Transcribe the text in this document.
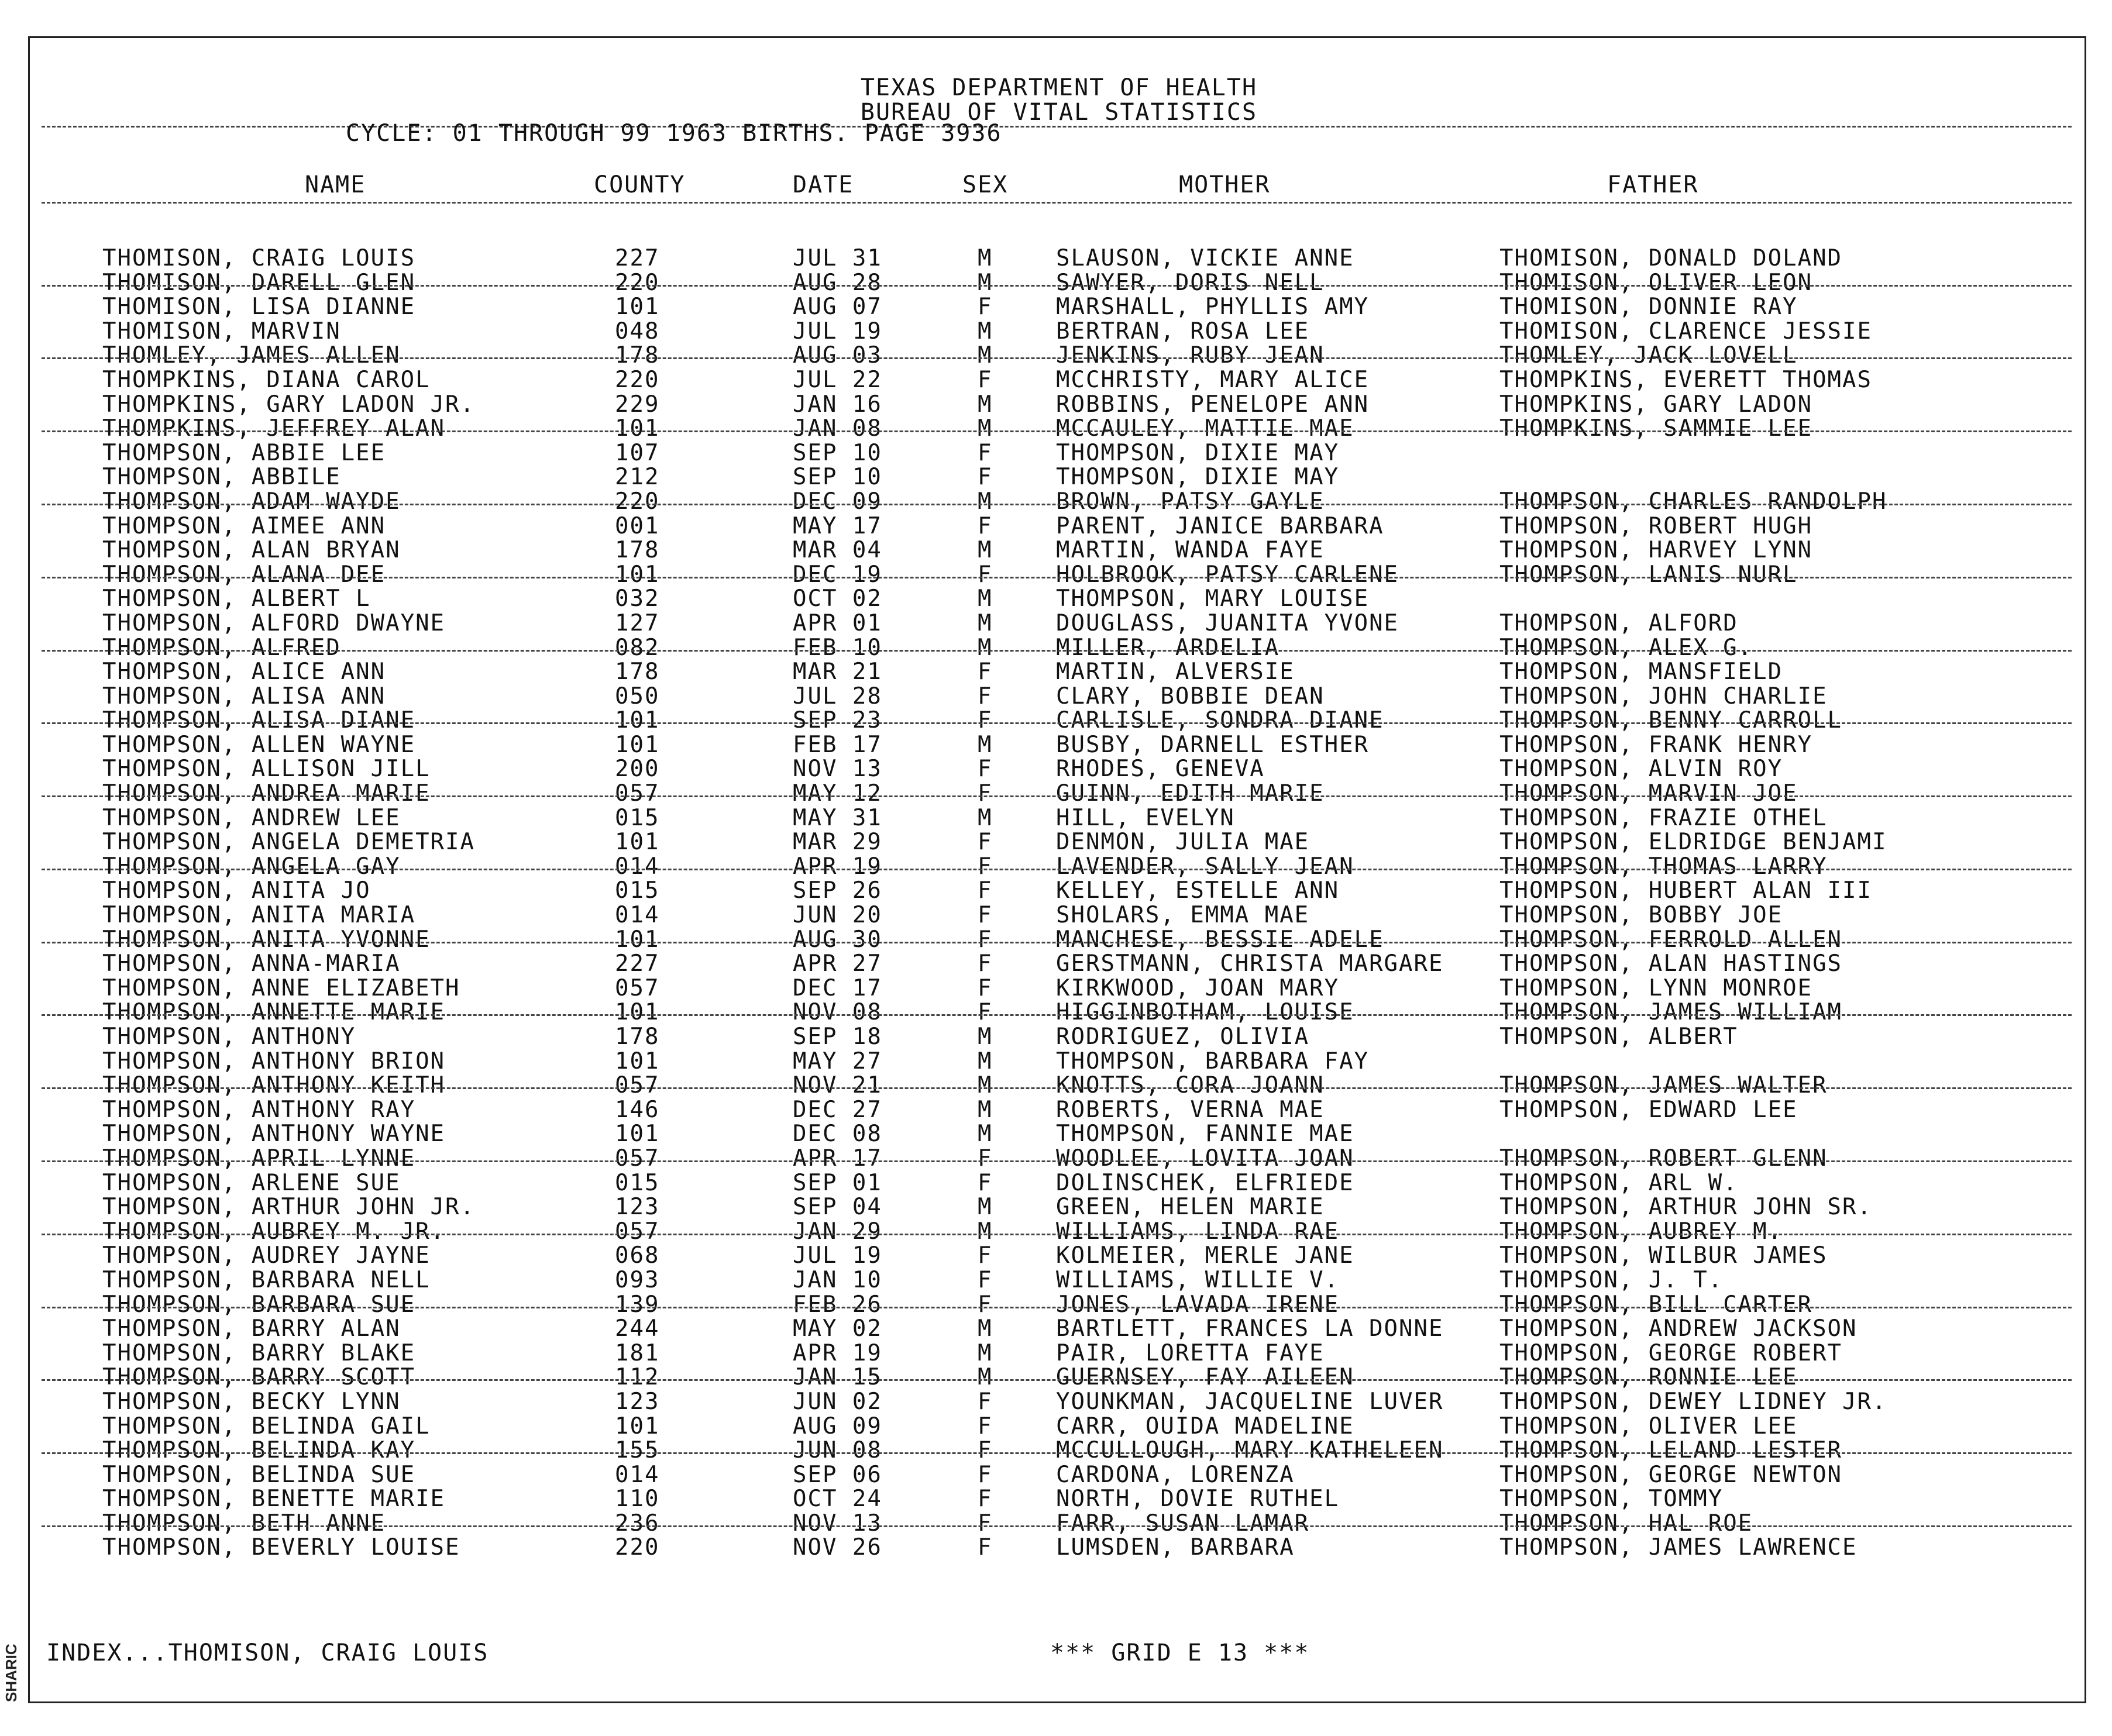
SHARIC
TEXAS DEPARTMENT OF HEALTH
BUREAU OF VITAL STATISTICS
CYCLE: 01 THROUGH 99 1963 BIRTHS. PAGE 3936
NAME	COUNTY	DATE	SEX	MOTHER	FATHER
THOMISON, CRAIG LOUIS	227	JUL 31	M	SLAUSON, VICKIE ANNE	THOMISON, DONALD DOLAND
THOMISON, DARELL GLEN	220	AUG 28	M	SAWYER, DORIS NELL	THOMISON, OLIVER LEON
THOMISON, LISA DIANNE	101	AUG 07	F	MARSHALL, PHYLLIS AMY	THOMISON, DONNIE RAY
THOMISON, MARVIN	048	JUL 19	M	BERTRAN, ROSA LEE	THOMISON, CLARENCE JESSIE
THOMLEY, JAMES ALLEN	178	AUG 03	M	JENKINS, RUBY JEAN	THOMLEY, JACK LOVELL
THOMPKINS, DIANA CAROL	220	JUL 22	F	MCCHRISTY, MARY ALICE	THOMPKINS, EVERETT THOMAS
THOMPKINS, GARY LADON JR.	229	JAN 16	M	ROBBINS, PENELOPE ANN	THOMPKINS, GARY LADON
THOMPKINS, JEFFREY ALAN	101	JAN 08	M	MCCAULEY, MATTIE MAE	THOMPKINS, SAMMIE LEE
THOMPSON, ABBIE LEE	107	SEP 10	F	THOMPSON, DIXIE MAY
THOMPSON, ABBILE	212	SEP 10	F	THOMPSON, DIXIE MAY
THOMPSON, ADAM WAYDE	220	DEC 09	M	BROWN, PATSY GAYLE	THOMPSON, CHARLES RANDOLPH
THOMPSON, AIMEE ANN	001	MAY 17	F	PARENT, JANICE BARBARA	THOMPSON, ROBERT HUGH
THOMPSON, ALAN BRYAN	178	MAR 04	M	MARTIN, WANDA FAYE	THOMPSON, HARVEY LYNN
THOMPSON, ALANA DEE	101	DEC 19	F	HOLBROOK, PATSY CARLENE	THOMPSON, LANIS NURL
THOMPSON, ALBERT L	032	OCT 02	M	THOMPSON, MARY LOUISE
THOMPSON, ALFORD DWAYNE	127	APR 01	M	DOUGLASS, JUANITA YVONE	THOMPSON, ALFORD
THOMPSON, ALFRED	082	FEB 10	M	MILLER, ARDELIA	THOMPSON, ALEX G.
THOMPSON, ALICE ANN	178	MAR 21	F	MARTIN, ALVERSIE	THOMPSON, MANSFIELD
THOMPSON, ALISA ANN	050	JUL 28	F	CLARY, BOBBIE DEAN	THOMPSON, JOHN CHARLIE
THOMPSON, ALISA DIANE	101	SEP 23	F	CARLISLE, SONDRA DIANE	THOMPSON, BENNY CARROLL
THOMPSON, ALLEN WAYNE	101	FEB 17	M	BUSBY, DARNELL ESTHER	THOMPSON, FRANK HENRY
THOMPSON, ALLISON JILL	200	NOV 13	F	RHODES, GENEVA	THOMPSON, ALVIN ROY
THOMPSON, ANDREA MARIE	057	MAY 12	F	GUINN, EDITH MARIE	THOMPSON, MARVIN JOE
THOMPSON, ANDREW LEE	015	MAY 31	M	HILL, EVELYN	THOMPSON, FRAZIE OTHEL
THOMPSON, ANGELA DEMETRIA	101	MAR 29	F	DENMON, JULIA MAE	THOMPSON, ELDRIDGE BENJAMI
THOMPSON, ANGELA GAY	014	APR 19	F	LAVENDER, SALLY JEAN	THOMPSON, THOMAS LARRY
THOMPSON, ANITA JO	015	SEP 26	F	KELLEY, ESTELLE ANN	THOMPSON, HUBERT ALAN III
THOMPSON, ANITA MARIA	014	JUN 20	F	SHOLARS, EMMA MAE	THOMPSON, BOBBY JOE
THOMPSON, ANITA YVONNE	101	AUG 30	F	MANCHESE, BESSIE ADELE	THOMPSON, FERROLD ALLEN
THOMPSON, ANNA-MARIA	227	APR 27	F	GERSTMANN, CHRISTA MARGARE THOMPSON, ALAN HASTINGS
THOMPSON, ANNE ELIZABETH	057	DEC 17	F	KIRKWOOD, JOAN MARY	THOMPSON, LYNN MONROE
THOMPSON, ANNETTE MARIE	101	NOV 08	F	HIGGINBOTHAM, LOUISE	THOMPSON, JAMES WILLIAM
THOMPSON, ANTHONY	178	SEP 18	M	RODRIGUEZ, OLIVIA	THOMPSON, ALBERT
THOMPSON, ANTHONY BRION	101	MAY 27	M	THOMPSON, BARBARA FAY
THOMPSON, ANTHONY KEITH	057	NOV 21	M	KNOTTS, CORA JOANN	THOMPSON, JAMES WALTER
THOMPSON, ANTHONY RAY	146	DEC 27	M	ROBERTS, VERNA MAE	THOMPSON, EDWARD LEE
THOMPSON, ANTHONY WAYNE	101	DEC 08	M	THOMPSON, FANNIE MAE
THOMPSON, APRIL LYNNE	057	APR 17	F	WOODLEE, LOVITA JOAN	THOMPSON, ROBERT GLENN
THOMPSON, ARLENE SUE	015	SEP 01	F	DOLINSCHEK, ELFRIEDE	THOMPSON, ARL W.
THOMPSON, ARTHUR JOHN JR.	123	SEP 04	M	GREEN, HELEN MARIE	THOMPSON, ARTHUR JOHN SR.
THOMPSON, AUBREY M. JR.	057	JAN 29	M	WILLIAMS, LINDA RAE	THOMPSON, AUBREY M.
THOMPSON, AUDREY JAYNE	068	JUL 19	F	KOLMEIER, MERLE JANE	THOMPSON, WILBUR JAMES
THOMPSON, BARBARA NELL	093	JAN 10	F	WILLIAMS, WILLIE V.	THOMPSON, J. T.
THOMPSON, BARBARA SUE	139	FEB 26	F	JONES, LAVADA IRENE	THOMPSON, BILL CARTER
THOMPSON, BARRY ALAN	244	MAY 02	M	BARTLETT, FRANCES LA DONNE THOMPSON, ANDREW JACKSON
THOMPSON, BARRY BLAKE	181	APR 19	M	PAIR, LORETTA FAYE	THOMPSON, GEORGE ROBERT
THOMPSON, BARRY SCOTT	112	JAN 15	M	GUERNSEY, FAY AILEEN	THOMPSON, RONNIE LEE
THOMPSON, BECKY LYNN	123	JUN 02	F	YOUNKMAN, JACQUELINE LUVER THOMPSON, DEWEY LIDNEY JR.
THOMPSON, BELINDA GAIL	101	AUG 09	F	CARR, OUIDA MADELINE	THOMPSON, OLIVER LEE
THOMPSON, BELINDA KAY	155	JUN 08	F	MCCULLOUGH, MARY KATHELEEN THOMPSON, LELAND LESTER
THOMPSON, BELINDA SUE	014	SEP 06	F	CARDONA, LORENZA	THOMPSON, GEORGE NEWTON
THOMPSON, BENETTE MARIE	110	OCT 24	F	NORTH, DOVIE RUTHEL	THOMPSON, TOMMY
THOMPSON, BETH ANNE	236	NOV 13	F	FARR, SUSAN LAMAR	THOMPSON, HAL ROE
THOMPSON, BEVERLY LOUISE	220	NOV 26	F	LUMSDEN, BARBARA	THOMPSON, JAMES LAWRENCE
INDEX...THOMISON, CRAIG LOUIS	*** GRID E 13 ***
